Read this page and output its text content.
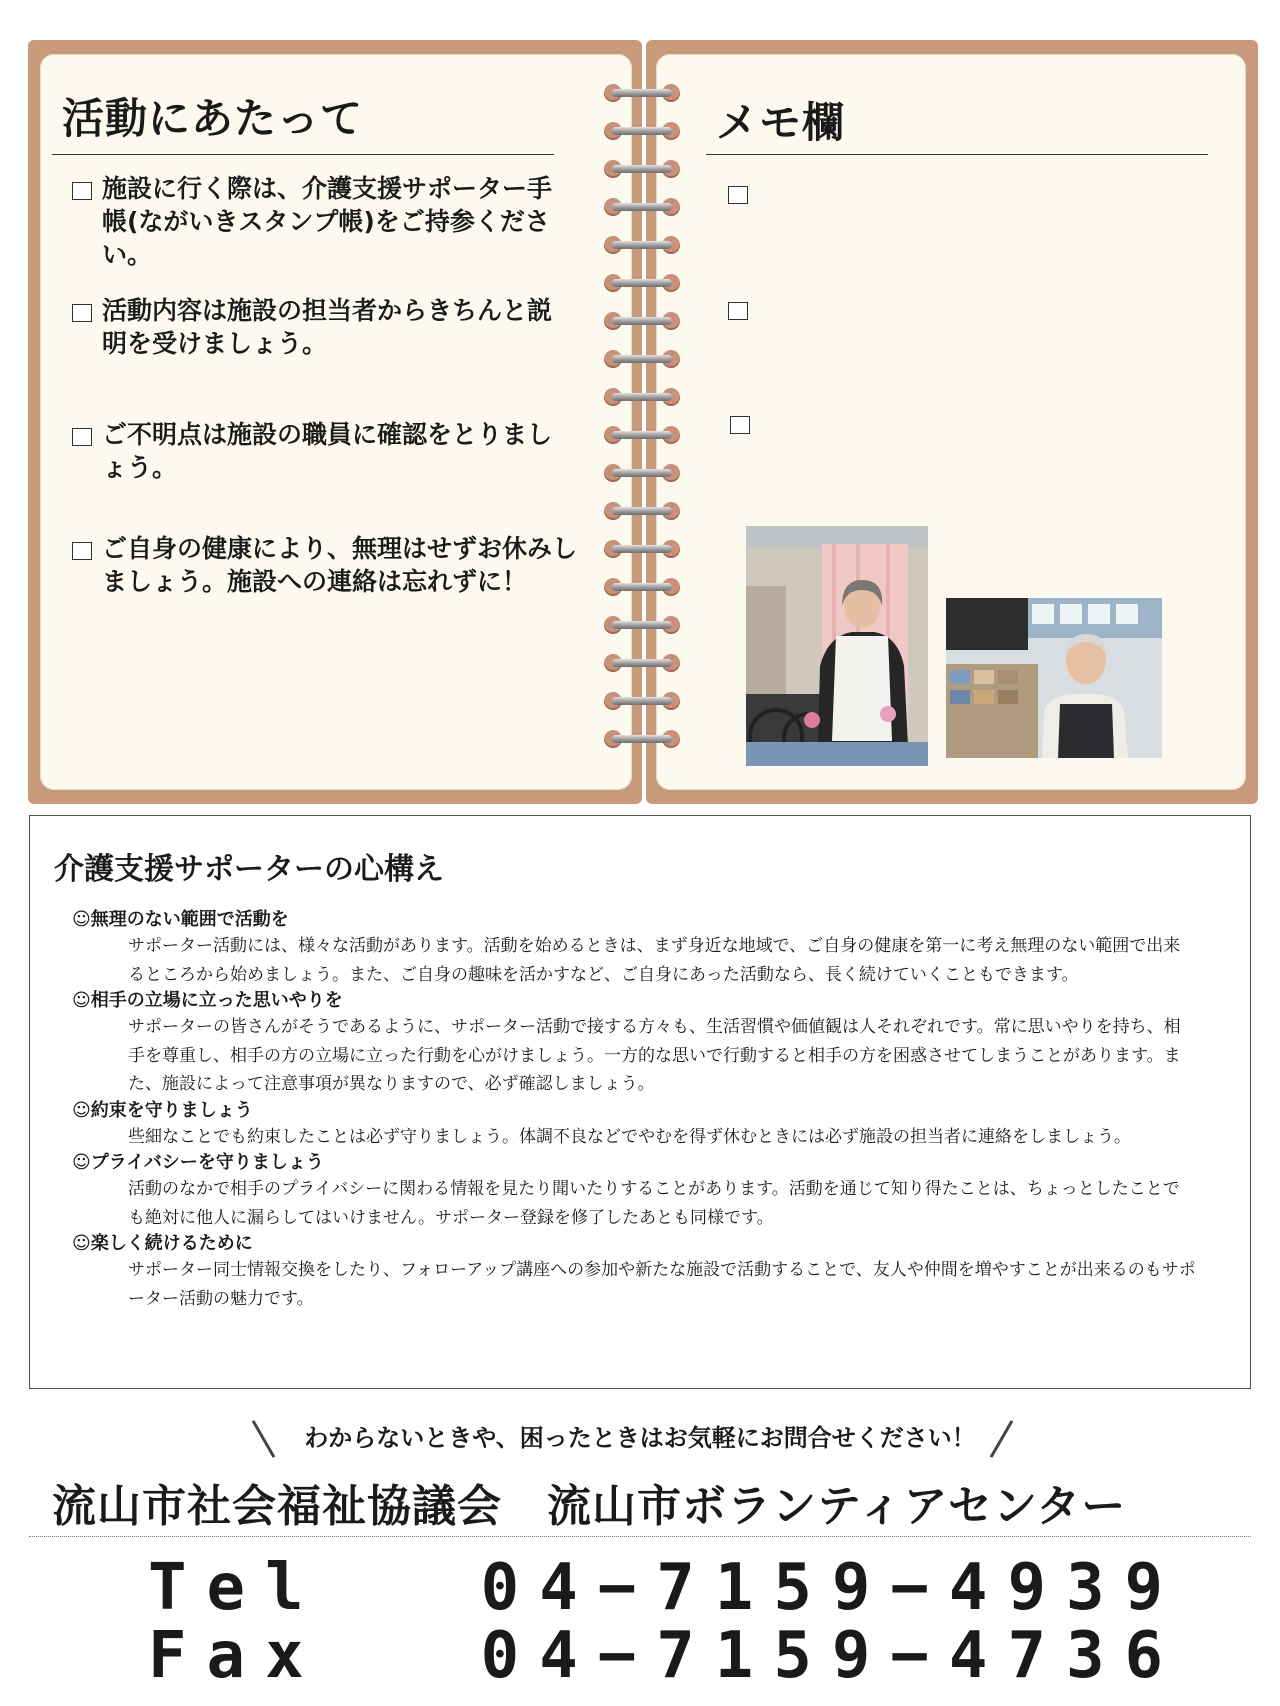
活動にあたって

施設に行く際は、介護支援サポーター手帳(ながいきスタンプ帳)をご持参ください。

活動内容は施設の担当者からきちんと説明を受けましょう。

ご不明点は施設の職員に確認をとりましょう。

ご自身の健康により、無理はせずお休みしましょう。施設への連絡は忘れずに！

メモ欄
介護支援サポーターの心構え

☺無理のない範囲で活動を

サポーター活動には、様々な活動があります。活動を始めるときは、まず身近な地域で、ご自身の健康を第一に考え無理のない範囲で出来るところから始めましょう。また、ご自身の趣味を活かすなど、ご自身にあった活動なら、長く続けていくこともできます。

☺相手の立場に立った思いやりを

サポーターの皆さんがそうであるように、サポーター活動で接する方々も、生活習慣や価値観は人それぞれです。常に思いやりを持ち、相手を尊重し、相手の方の立場に立った行動を心がけましょう。一方的な思いで行動すると相手の方を困惑させてしまうことがあります。また、施設によって注意事項が異なりますので、必ず確認しましょう。

☺約束を守りましょう

些細なことでも約束したことは必ず守りましょう。体調不良などでやむを得ず休むときには必ず施設の担当者に連絡をしましょう。

☺プライバシーを守りましょう

活動のなかで相手のプライバシーに関わる情報を見たり聞いたりすることがあります。活動を通じて知り得たことは、ちょっとしたことでも絶対に他人に漏らしてはいけません。サポーター登録を修了したあとも同様です。

☺楽しく続けるために

サポーター同士情報交換をしたり、フォローアップ講座への参加や新たな施設で活動することで、友人や仲間を増やすことが出来るのもサポーター活動の魅力です。

わからないときや、困ったときはお気軽にお問合せください！
流山市社会福祉協議会　流山市ボランティアセンター
Tel 04−7159−4939
Fax 04−7159−4736
